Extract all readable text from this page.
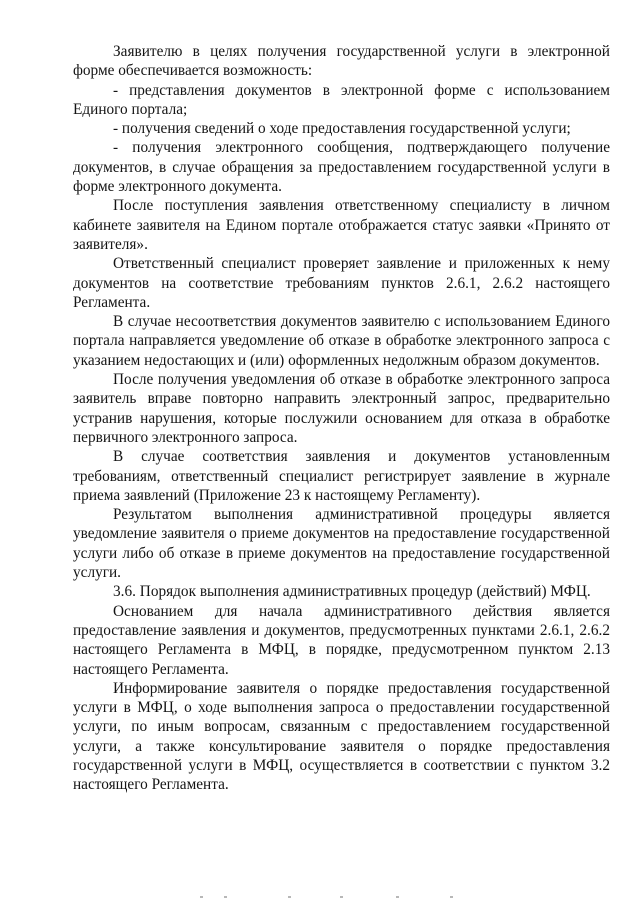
Заявителю в целях получения государственной услуги в электронной форме обеспечивается возможность:

- представления документов в электронной форме с использованием Единого портала;

- получения сведений о ходе предоставления государственной услуги;

- получения электронного сообщения, подтверждающего получение документов, в случае обращения за предоставлением государственной услуги в форме электронного документа.

После поступления заявления ответственному специалисту в личном кабинете заявителя на Едином портале отображается статус заявки «Принято от заявителя».

Ответственный специалист проверяет заявление и приложенных к нему документов на соответствие требованиям пунктов 2.6.1, 2.6.2 настоящего Регламента.

В случае несоответствия документов заявителю с использованием Единого портала направляется уведомление об отказе в обработке электронного запроса с указанием недостающих и (или) оформленных недолжным образом документов.

После получения уведомления об отказе в обработке электронного запроса заявитель вправе повторно направить электронный запрос, предварительно устранив нарушения, которые послужили основанием для отказа в обработке первичного электронного запроса.

В случае соответствия заявления и документов установленным требованиям, ответственный специалист регистрирует заявление в журнале приема заявлений (Приложение 23 к настоящему Регламенту).

Результатом выполнения административной процедуры является уведомление заявителя о приеме документов на предоставление государственной услуги либо об отказе в приеме документов на предоставление государственной услуги.

3.6. Порядок выполнения административных процедур (действий) МФЦ.

Основанием для начала административного действия является предоставление заявления и документов, предусмотренных пунктами 2.6.1, 2.6.2 настоящего Регламента в МФЦ, в порядке, предусмотренном пунктом 2.13 настоящего Регламента.

Информирование заявителя о порядке предоставления государственной услуги в МФЦ, о ходе выполнения запроса о предоставлении государственной услуги, по иным вопросам, связанным с предоставлением государственной услуги, а также консультирование заявителя о порядке предоставления государственной услуги в МФЦ, осуществляется в соответствии с пунктом 3.2 настоящего Регламента.
